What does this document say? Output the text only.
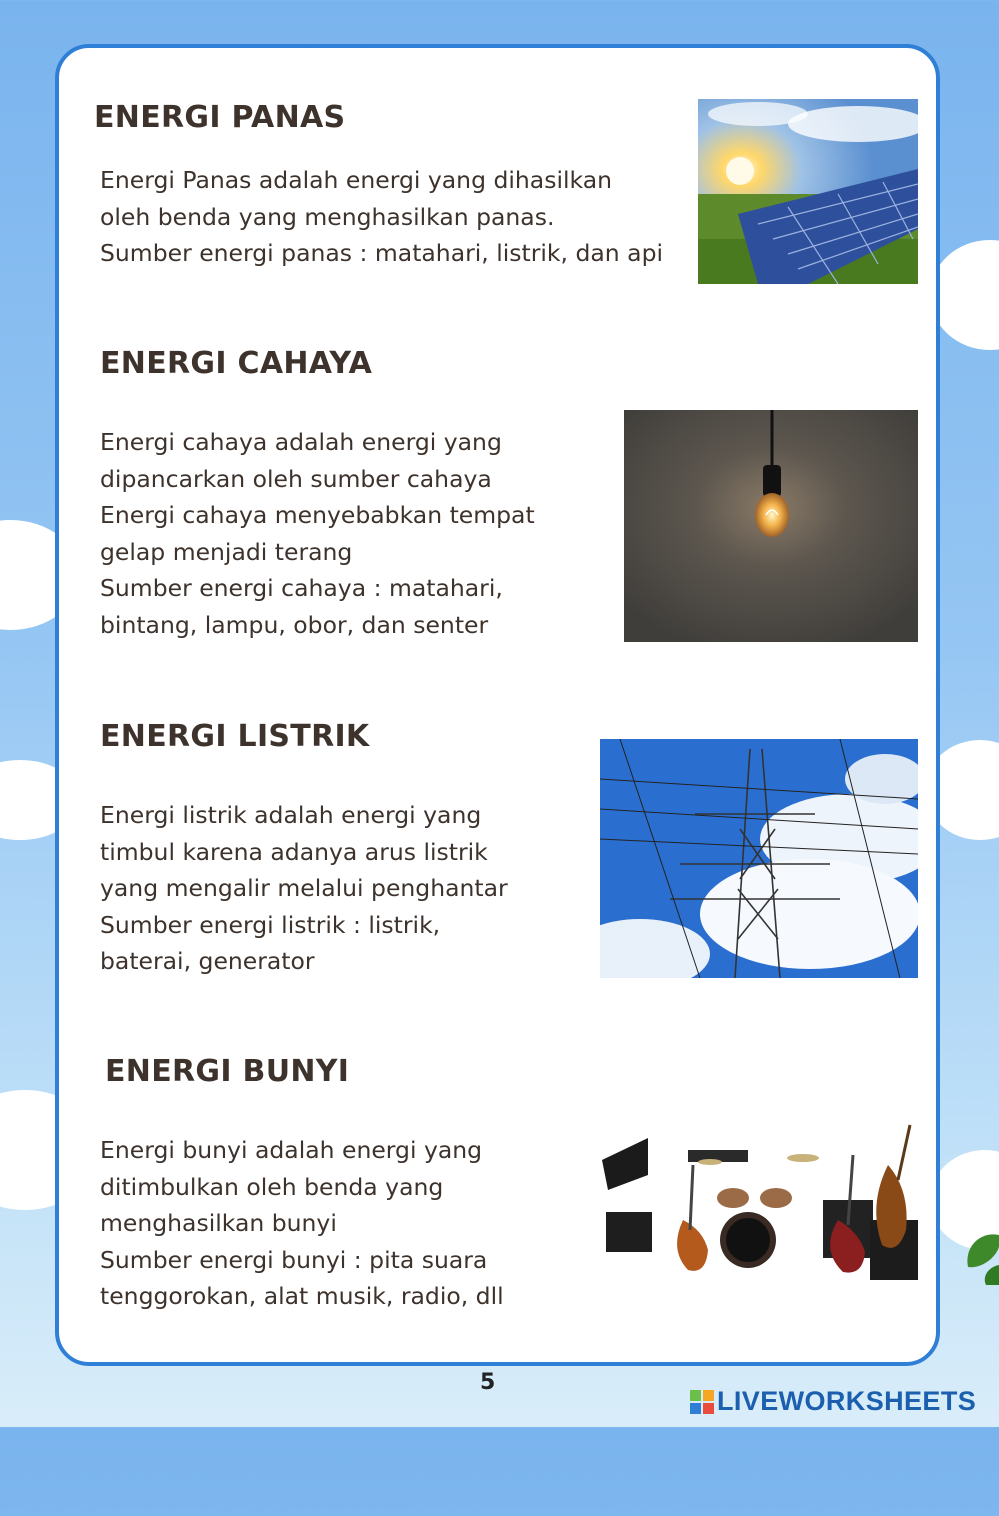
ENERGI PANAS
Energi Panas adalah energi yang dihasilkan
oleh benda yang menghasilkan panas.
Sumber energi panas : matahari, listrik, dan api
ENERGI CAHAYA
Energi cahaya adalah energi yang
dipancarkan oleh sumber cahaya
Energi cahaya menyebabkan tempat
gelap menjadi terang
Sumber energi cahaya : matahari,
bintang, lampu, obor, dan senter
ENERGI LISTRIK
Energi listrik adalah energi yang
timbul karena adanya arus listrik
yang mengalir melalui penghantar
Sumber energi listrik : listrik,
baterai, generator
ENERGI BUNYI
Energi bunyi adalah energi yang
ditimbulkan oleh benda yang
menghasilkan bunyi
Sumber energi bunyi : pita suara
tenggorokan, alat musik, radio, dll
5
LIVEWORKSHEETS
